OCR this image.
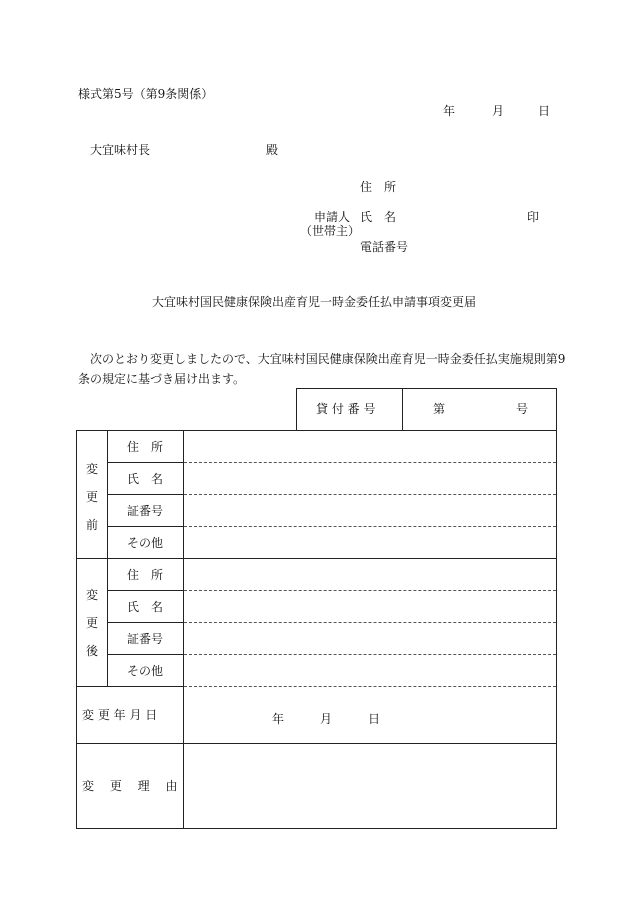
様式第5号（第9条関係）
年	月	日
大宜味村長	殿
住　所
申請人 氏　名	印
（世帯主）
電話番号
大宜味村国民健康保険出産育児一時金委任払申請事項変更届
次のとおり変更しましたので、大宜味村国民健康保険出産育児一時金委任払実施規則第9
条の規定に基づき届け出ます。
貸 付 番 号	第	号
変
更
前
住　所
氏　名
証番号
その他
変
更
後
住　所
氏　名
証番号
その他
変 更 年 月 日	年	月	日
変　 更　 理　 由
